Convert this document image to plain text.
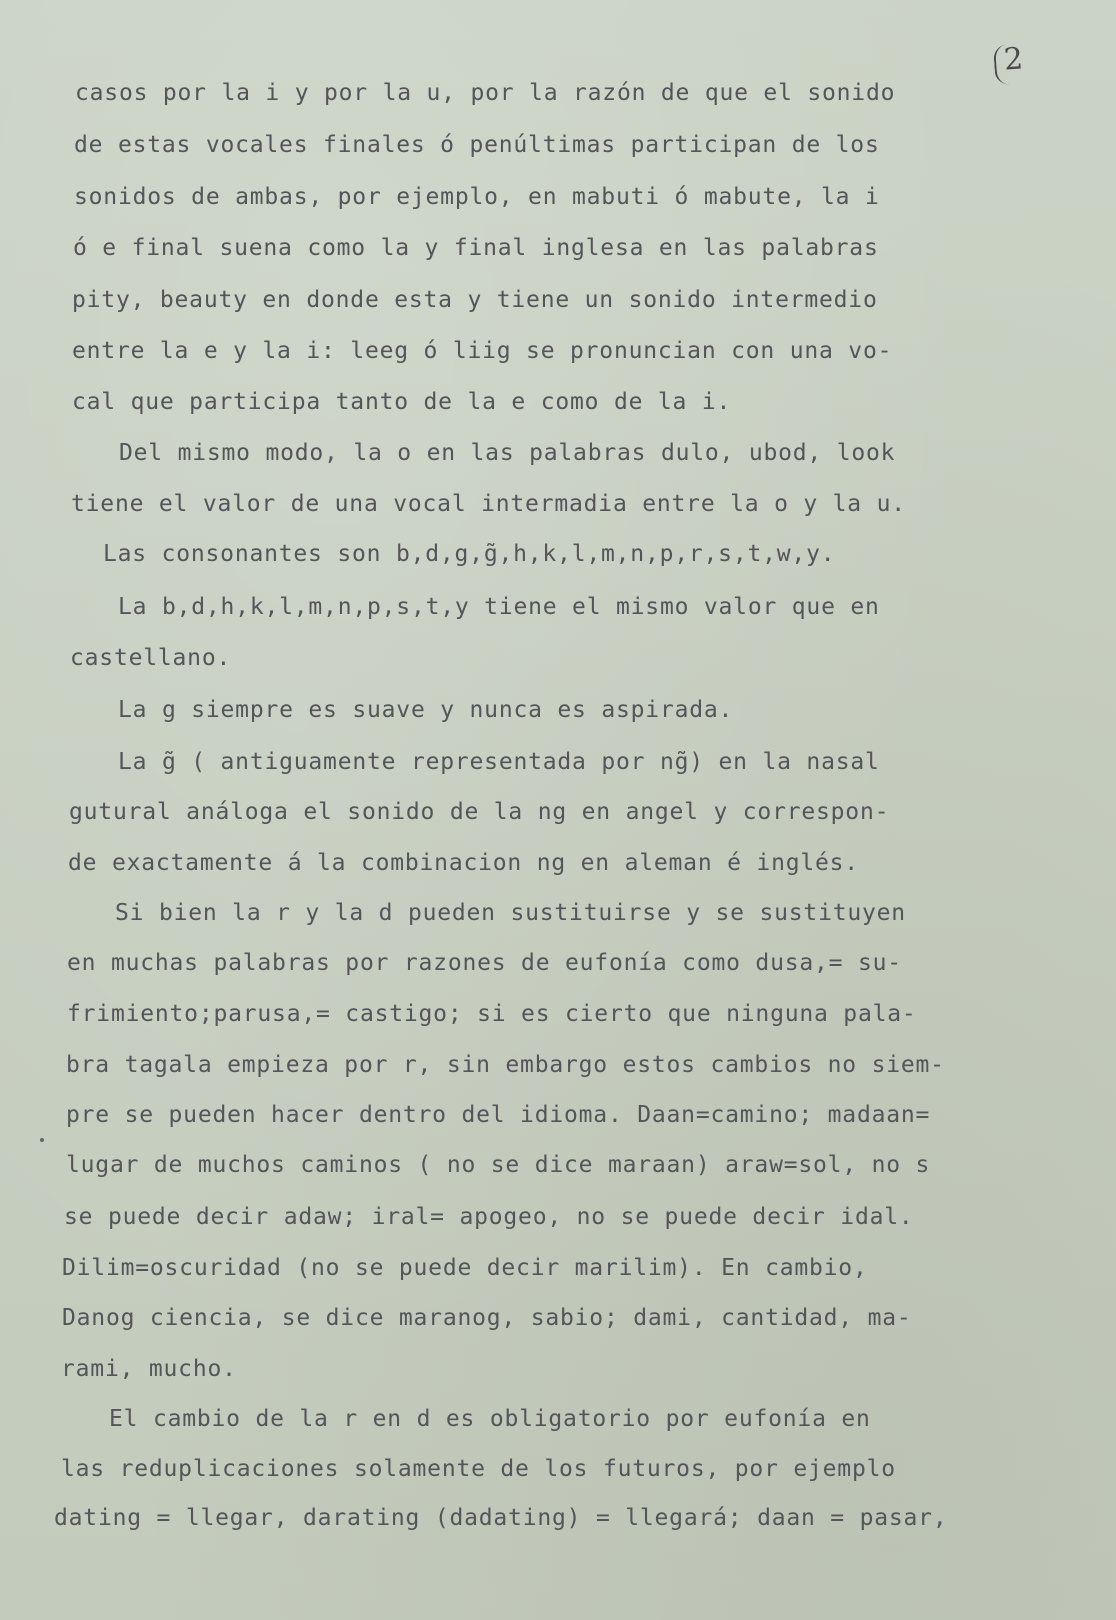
2
casos por la i y por la u, por la razón de que el sonido
de estas vocales finales ó penúltimas participan de los
sonidos de ambas, por ejemplo, en mabuti ó mabute, la i
ó e final suena como la y final inglesa en las palabras
pity, beauty en donde esta y tiene un sonido intermedio
entre la e y la i: leeg ó liig se pronuncian con una vo-
cal que participa tanto de la e como de la i.
Del mismo modo, la o en las palabras dulo, ubod, look
tiene el valor de una vocal intermadia entre la o y la u.
Las consonantes son b,d,g,g̃,h,k,l,m,n,p,r,s,t,w,y.
La b,d,h,k,l,m,n,p,s,t,y tiene el mismo valor que en
castellano.
La g siempre es suave y nunca es aspirada.
La g̃ ( antiguamente representada por ng̃) en la nasal
gutural análoga el sonido de la ng en angel y correspon-
de exactamente á la combinacion ng en aleman é inglés.
Si bien la r y la d pueden sustituirse y se sustituyen
en muchas palabras por razones de eufonía como dusa,= su-
frimiento;parusa,= castigo; si es cierto que ninguna pala-
bra tagala empieza por r, sin embargo estos cambios no siem-
pre se pueden hacer dentro del idioma. Daan=camino; madaan=
lugar de muchos caminos ( no se dice maraan) araw=sol, no s
se puede decir adaw; iral= apogeo, no se puede decir idal.
Dilim=oscuridad (no se puede decir marilim). En cambio,
Danog ciencia, se dice maranog, sabio; dami, cantidad, ma-
rami, mucho.
El cambio de la r en d es obligatorio por eufonía en
las reduplicaciones solamente de los futuros, por ejemplo
dating = llegar, darating (dadating) = llegará; daan = pasar,
